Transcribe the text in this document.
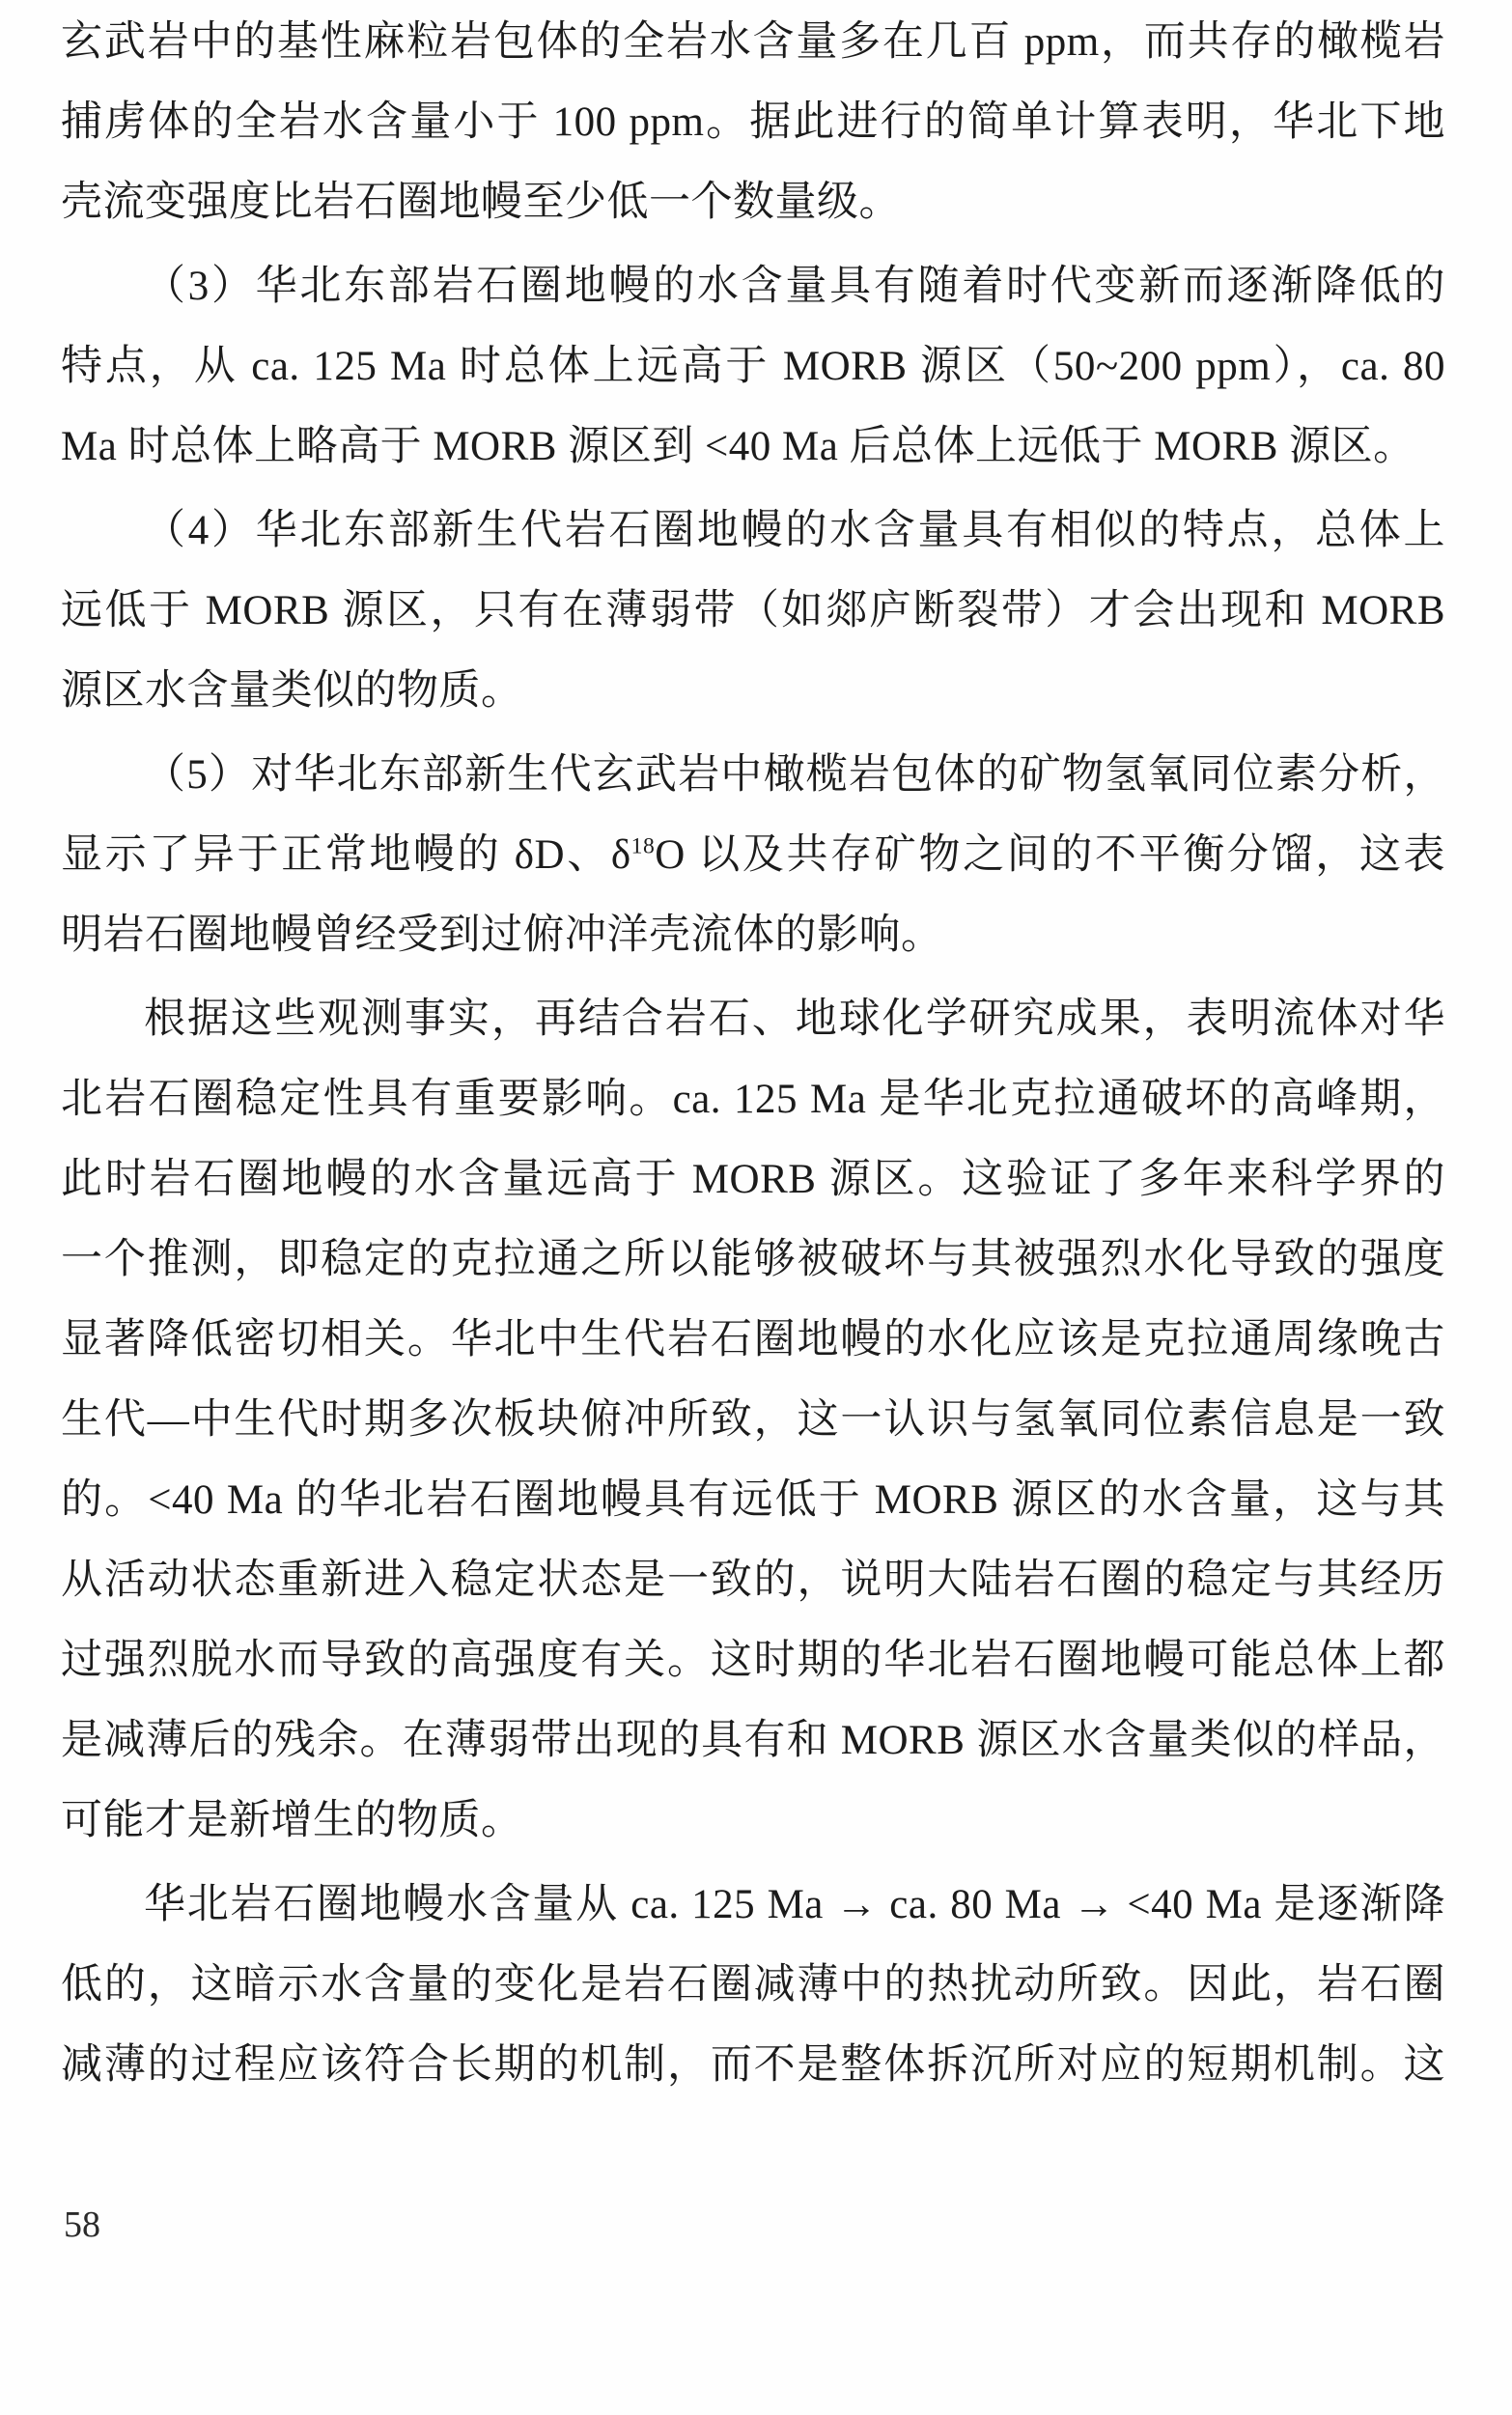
玄武岩中的基性麻粒岩包体的全岩水含量多在几百 ppm，而共存的橄榄岩
捕虏体的全岩水含量小于 100 ppm。据此进行的简单计算表明，华北下地
壳流变强度比岩石圈地幔至少低一个数量级。

（3）华北东部岩石圈地幔的水含量具有随着时代变新而逐渐降低的
特点，从 ca. 125 Ma 时总体上远高于 MORB 源区（50~200 ppm），ca. 80
Ma 时总体上略高于 MORB 源区到 <40 Ma 后总体上远低于 MORB 源区。

（4）华北东部新生代岩石圈地幔的水含量具有相似的特点，总体上
远低于 MORB 源区，只有在薄弱带（如郯庐断裂带）才会出现和 MORB
源区水含量类似的物质。

（5）对华北东部新生代玄武岩中橄榄岩包体的矿物氢氧同位素分析，
显示了异于正常地幔的 δD、$\delta^{18}O$ 以及共存矿物之间的不平衡分馏，这表
明岩石圈地幔曾经受到过俯冲洋壳流体的影响。

根据这些观测事实，再结合岩石、地球化学研究成果，表明流体对华
北岩石圈稳定性具有重要影响。ca. 125 Ma 是华北克拉通破坏的高峰期，
此时岩石圈地幔的水含量远高于 MORB 源区。这验证了多年来科学界的
一个推测，即稳定的克拉通之所以能够被破坏与其被强烈水化导致的强度
显著降低密切相关。华北中生代岩石圈地幔的水化应该是克拉通周缘晚古
生代—中生代时期多次板块俯冲所致，这一认识与氢氧同位素信息是一致
的。<40 Ma 的华北岩石圈地幔具有远低于 MORB 源区的水含量，这与其
从活动状态重新进入稳定状态是一致的，说明大陆岩石圈的稳定与其经历
过强烈脱水而导致的高强度有关。这时期的华北岩石圈地幔可能总体上都
是减薄后的残余。在薄弱带出现的具有和 MORB 源区水含量类似的样品，
可能才是新增生的物质。

华北岩石圈地幔水含量从 ca. 125 Ma → ca. 80 Ma → <40 Ma 是逐渐降
低的，这暗示水含量的变化是岩石圈减薄中的热扰动所致。因此，岩石圈
减薄的过程应该符合长期的机制，而不是整体拆沉所对应的短期机制。这

58
